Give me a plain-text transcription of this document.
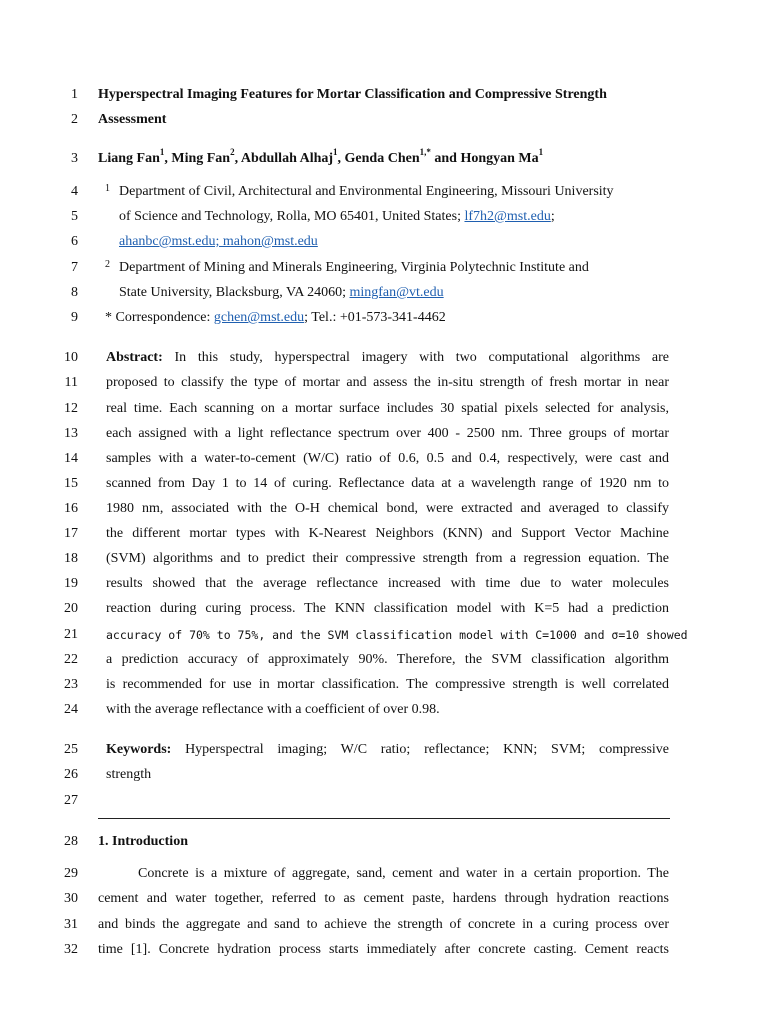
1
2
3
4
5
6
7
8
9
10
11
12
13
14
15
16
17
18
19
20
21
22
23
24
25
26
27
28
29
30
31
32
Hyperspectral Imaging Features for Mortar Classification and Compressive Strength
Assessment
Liang Fan$^1$, Ming Fan$^2$, Abdullah Alhaj$^1$, Genda Chen$^{1,*}$ and Hongyan Ma$^1$
1 Department of Civil, Architectural and Environmental Engineering, Missouri University
of Science and Technology, Rolla, MO 65401, United States; lf7h2@mst.edu;
ahanbc@mst.edu; mahon@mst.edu
2 Department of Mining and Minerals Engineering, Virginia Polytechnic Institute and
State University, Blacksburg, VA 24060; mingfan@vt.edu
* Correspondence: gchen@mst.edu; Tel.: +01-573-341-4462
Abstract: In this study, hyperspectral imagery with two computational algorithms are
proposed to classify the type of mortar and assess the in-situ strength of fresh mortar in near
real time. Each scanning on a mortar surface includes 30 spatial pixels selected for analysis,
each assigned with a light reflectance spectrum over 400 - 2500 nm. Three groups of mortar
samples with a water-to-cement (W/C) ratio of 0.6, 0.5 and 0.4, respectively, were cast and
scanned from Day 1 to 14 of curing. Reflectance data at a wavelength range of 1920 nm to
1980 nm, associated with the O-H chemical bond, were extracted and averaged to classify
the different mortar types with K-Nearest Neighbors (KNN) and Support Vector Machine
(SVM) algorithms and to predict their compressive strength from a regression equation. The
results showed that the average reflectance increased with time due to water molecules
reaction during curing process. The KNN classification model with K=5 had a prediction
accuracy of 70% to 75%, and the SVM classification model with C=1000 and σ=10 showed
a prediction accuracy of approximately 90%. Therefore, the SVM classification algorithm
is recommended for use in mortar classification. The compressive strength is well correlated
with the average reflectance with a coefficient of over 0.98.
Keywords: Hyperspectral imaging; W/C ratio; reflectance; KNN; SVM; compressive
strength
1. Introduction
Concrete is a mixture of aggregate, sand, cement and water in a certain proportion. The
cement and water together, referred to as cement paste, hardens through hydration reactions
and binds the aggregate and sand to achieve the strength of concrete in a curing process over
time [1]. Concrete hydration process starts immediately after concrete casting. Cement reacts
